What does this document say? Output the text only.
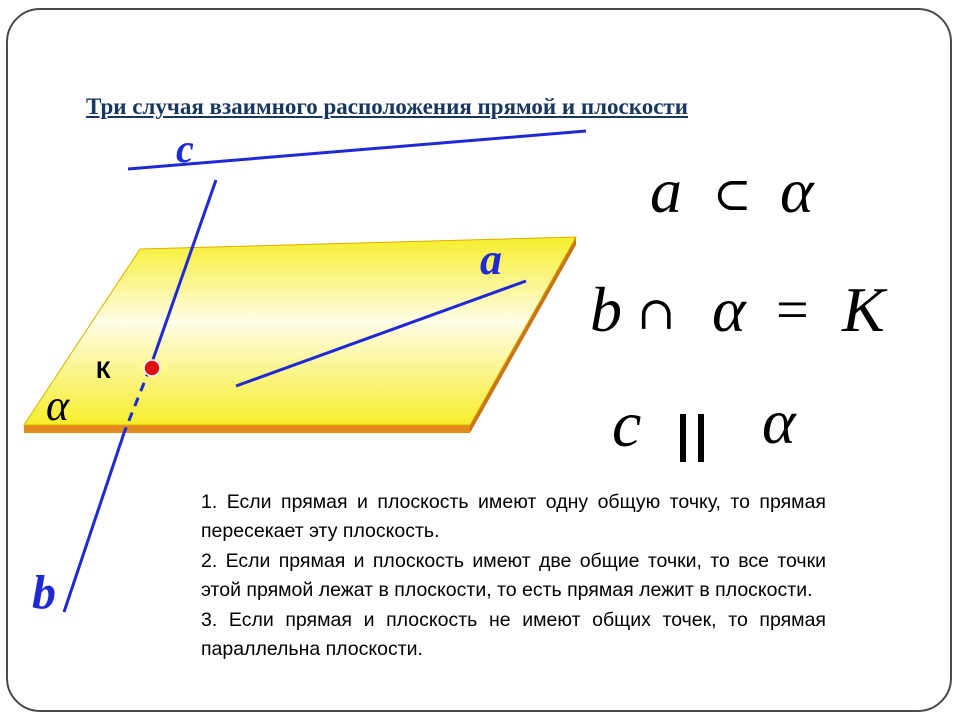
Три случая взаимного расположения прямой и плоскости
c
a
b
К
α
a ⊂ α
b ∩ α = K
c α

1. Если прямая и плоскость имеют одну общую точку, то прямая пересекает эту плоскость.

2. Если прямая и плоскость имеют две общие точки, то все точки этой прямой лежат в плоскости, то есть прямая лежит в плоскости.

3. Если прямая и плоскость не имеют общих точек, то прямая параллельна плоскости.
